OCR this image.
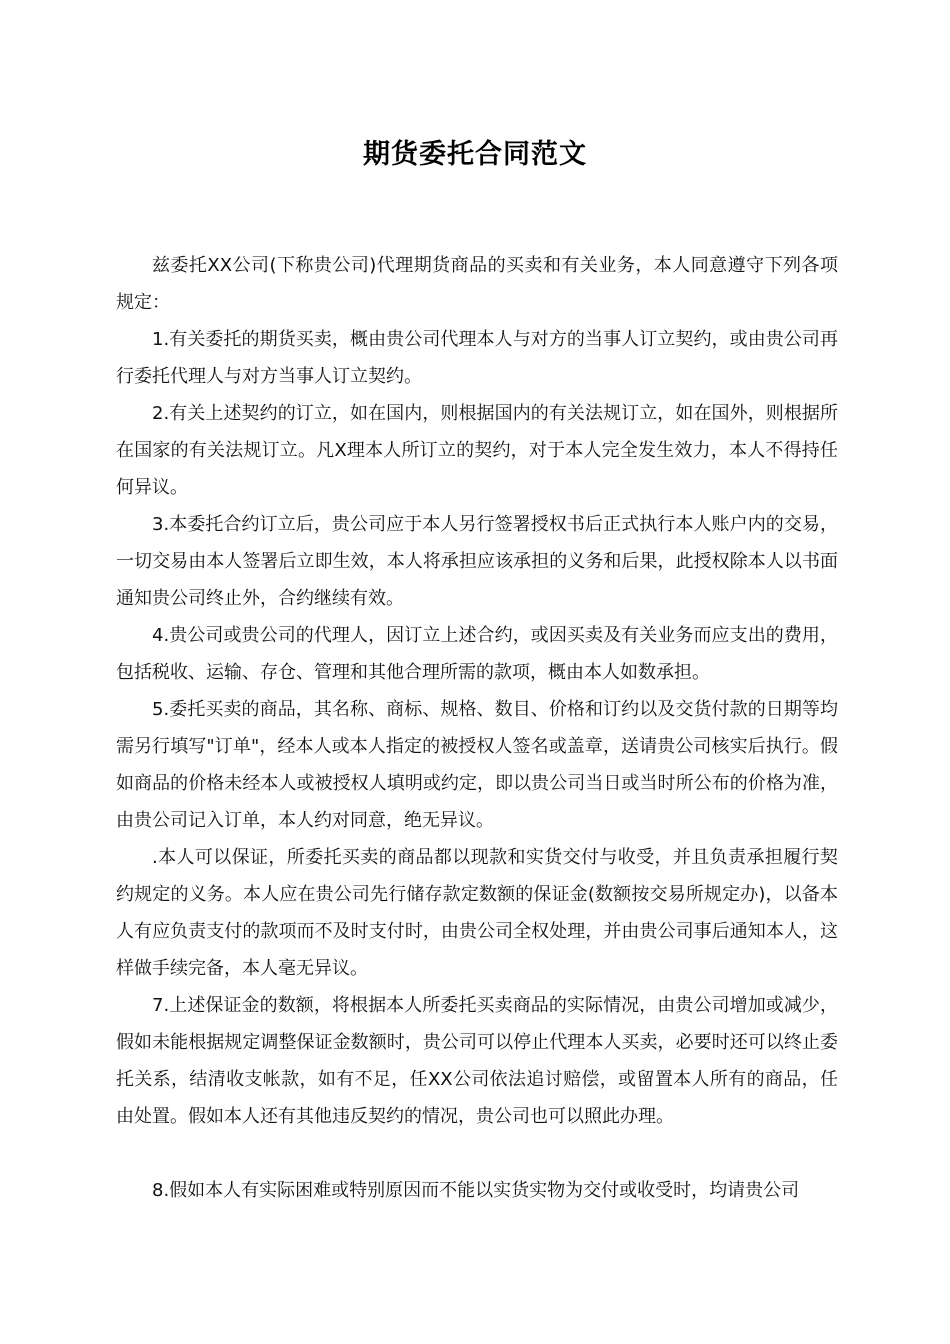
期货委托合同范文

兹委托XX公司(下称贵公司)代理期货商品的买卖和有关业务，本人同意遵守下列各项规定：

1.有关委托的期货买卖，概由贵公司代理本人与对方的当事人订立契约，或由贵公司再行委托代理人与对方当事人订立契约。

2.有关上述契约的订立，如在国内，则根据国内的有关法规订立，如在国外，则根据所在国家的有关法规订立。凡X理本人所订立的契约，对于本人完全发生效力，本人不得持任何异议。

3.本委托合约订立后，贵公司应于本人另行签署授权书后正式执行本人账户内的交易，一切交易由本人签署后立即生效，本人将承担应该承担的义务和后果，此授权除本人以书面通知贵公司终止外，合约继续有效。

4.贵公司或贵公司的代理人，因订立上述合约，或因买卖及有关业务而应支出的费用，包括税收、运输、存仓、管理和其他合理所需的款项，概由本人如数承担。

5.委托买卖的商品，其名称、商标、规格、数目、价格和订约以及交货付款的日期等均需另行填写"订单"，经本人或本人指定的被授权人签名或盖章，送请贵公司核实后执行。假如商品的价格未经本人或被授权人填明或约定，即以贵公司当日或当时所公布的价格为准，由贵公司记入订单，本人约对同意，绝无异议。

.本人可以保证，所委托买卖的商品都以现款和实货交付与收受，并且负责承担履行契约规定的义务。本人应在贵公司先行储存款定数额的保证金(数额按交易所规定办)，以备本人有应负责支付的款项而不及时支付时，由贵公司全权处理，并由贵公司事后通知本人，这样做手续完备，本人毫无异议。

7.上述保证金的数额，将根据本人所委托买卖商品的实际情况，由贵公司增加或减少，假如未能根据规定调整保证金数额时，贵公司可以停止代理本人买卖，必要时还可以终止委托关系，结清收支帐款，如有不足，任XX公司依法追讨赔偿，或留置本人所有的商品，任由处置。假如本人还有其他违反契约的情况，贵公司也可以照此办理。

8.假如本人有实际困难或特别原因而不能以实货实物为交付或收受时，均请贵公司
